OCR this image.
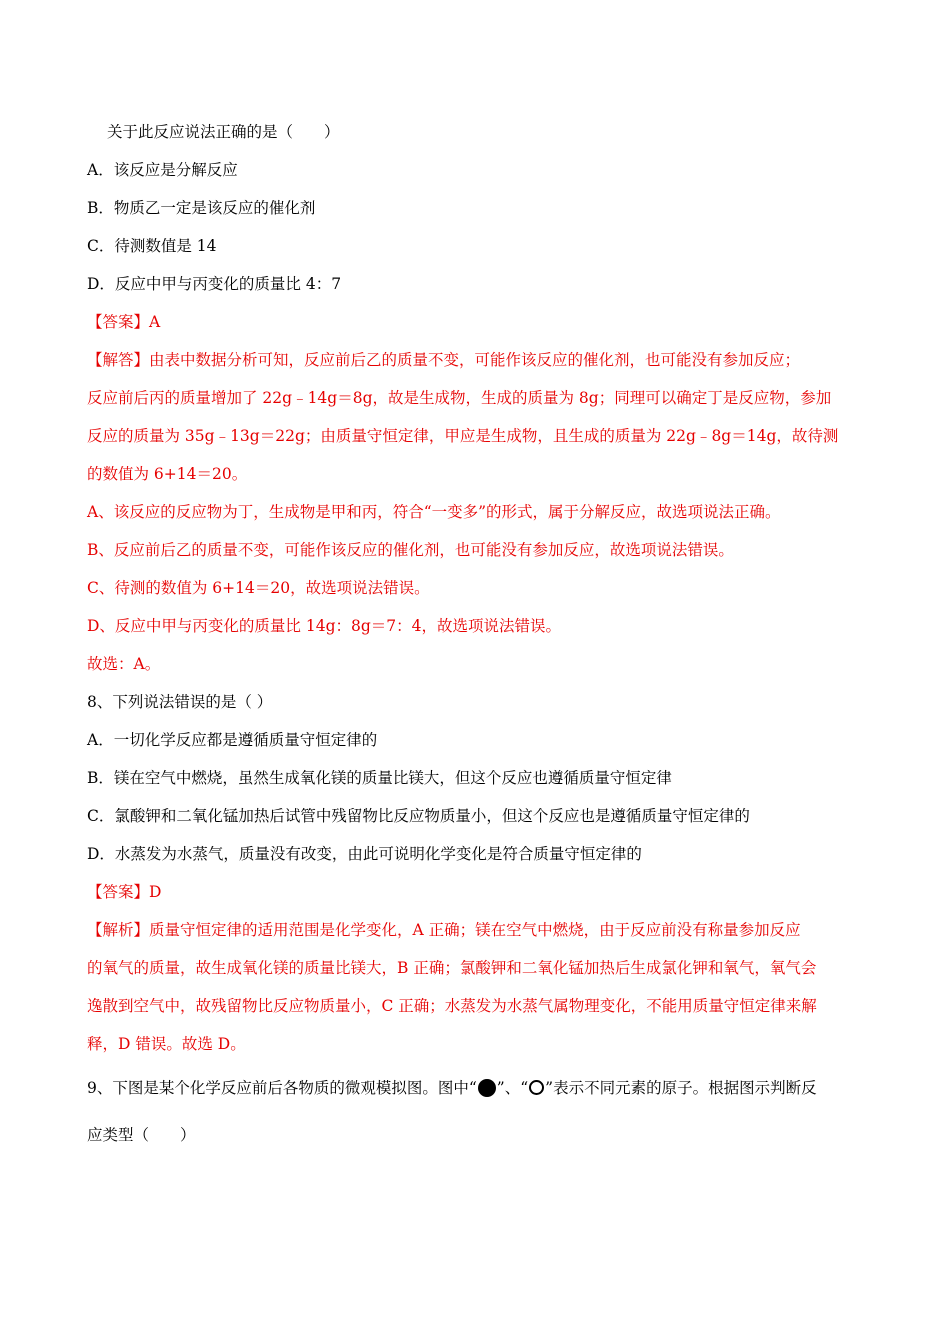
关于此反应说法正确的是（　　）
A．该反应是分解反应
B．物质乙一定是该反应的催化剂
C．待测数值是 14
D．反应中甲与丙变化的质量比 4：7
【答案】A
【解答】由表中数据分析可知，反应前后乙的质量不变，可能作该反应的催化剂，也可能没有参加反应；
反应前后丙的质量增加了 22g﹣14g＝8g，故是生成物，生成的质量为 8g；同理可以确定丁是反应物，参加
反应的质量为 35g﹣13g＝22g；由质量守恒定律，甲应是生成物，且生成的质量为 22g﹣8g＝14g，故待测
的数值为 6+14＝20。
A、该反应的反应物为丁，生成物是甲和丙，符合“一变多”的形式，属于分解反应，故选项说法正确。
B、反应前后乙的质量不变，可能作该反应的催化剂，也可能没有参加反应，故选项说法错误。
C、待测的数值为 6+14＝20，故选项说法错误。
D、反应中甲与丙变化的质量比 14g：8g＝7：4，故选项说法错误。
故选：A。
8、下列说法错误的是（ ）
A．一切化学反应都是遵循质量守恒定律的
B．镁在空气中燃烧，虽然生成氧化镁的质量比镁大，但这个反应也遵循质量守恒定律
C．氯酸钾和二氧化锰加热后试管中残留物比反应物质量小，但这个反应也是遵循质量守恒定律的
D．水蒸发为水蒸气，质量没有改变，由此可说明化学变化是符合质量守恒定律的
【答案】D
【解析】质量守恒定律的适用范围是化学变化，A 正确；镁在空气中燃烧，由于反应前没有称量参加反应
的氧气的质量，故生成氧化镁的质量比镁大，B 正确；氯酸钾和二氧化锰加热后生成氯化钾和氧气，氧气会
逸散到空气中，故残留物比反应物质量小，C 正确；水蒸发为水蒸气属物理变化，不能用质量守恒定律来解
释，D 错误。故选 D。
9、下图是某个化学反应前后各物质的微观模拟图。图中“ ”、“ ”表示不同元素的原子。根据图示判断反
应类型（　　）
